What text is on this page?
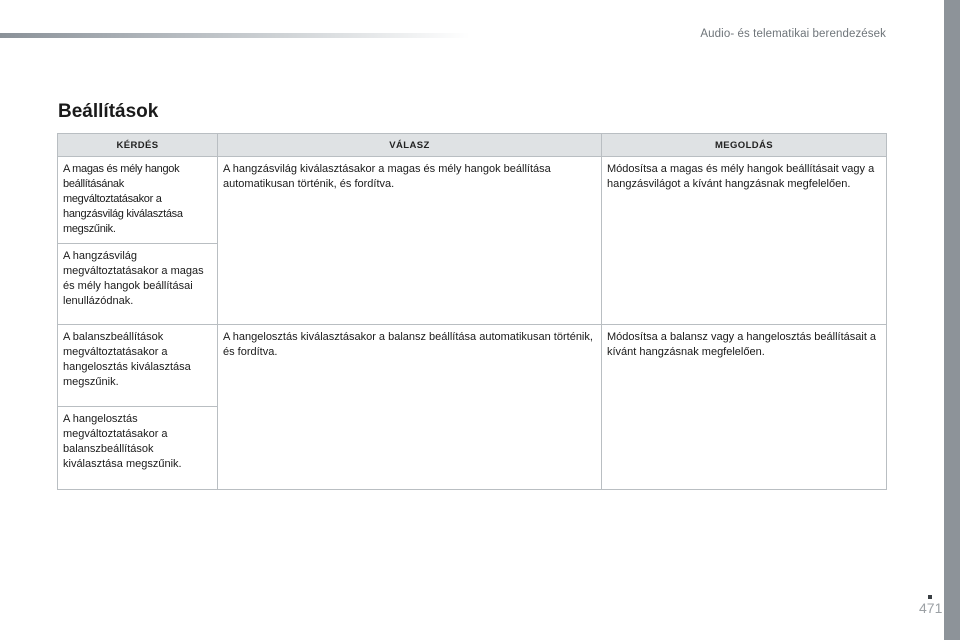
Audio- és telematikai berendezések
Beállítások
KÉRDÉS	VÁLASZ	MEGOLDÁS
A magas és mély hangok beállításának megváltoztatásakor a hangzásvilág kiválasztása megszűnik.	A hangzásvilág kiválasztásakor a magas és mély hangok beállítása automatikusan történik, és fordítva.	Módosítsa a magas és mély hangok beállításait vagy a hangzásvilágot a kívánt hangzásnak megfelelően.
A hangzásvilág megváltoztatásakor a magas és mély hangok beállításai lenullázódnak.		
A balanszbeállítások megváltoztatásakor a hangelosztás kiválasztása megszűnik.	A hangelosztás kiválasztásakor a balansz beállítása automatikusan történik, és fordítva.	Módosítsa a balansz vagy a hangelosztás beállításait a kívánt hangzásnak megfelelően.
A hangelosztás megváltoztatásakor a balanszbeállítások kiválasztása megszűnik.		
471
